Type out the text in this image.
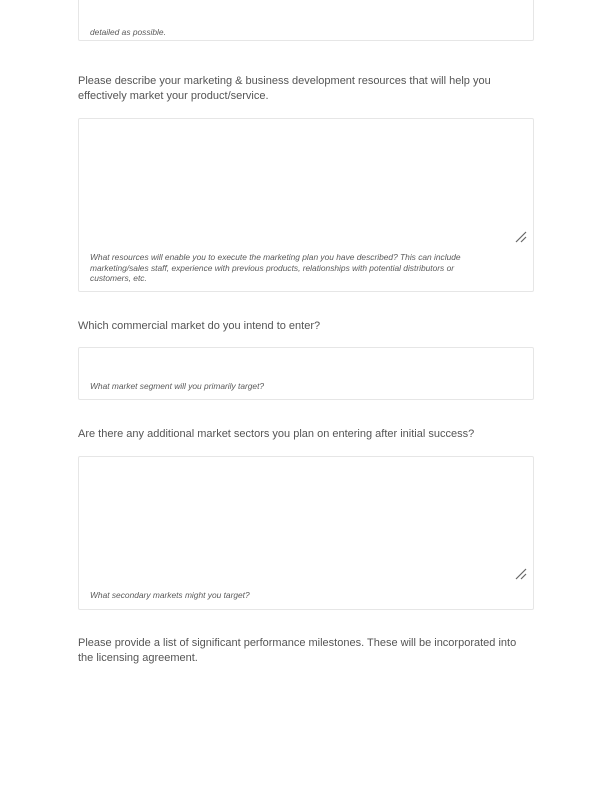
detailed as possible.

Please describe your marketing & business development resources that will help you effectively market your product/service.

What resources will enable you to execute the marketing plan you have described? This can include marketing/sales staff, experience with previous products, relationships with potential distributors or customers, etc.

Which commercial market do you intend to enter?

What market segment will you primarily target?

Are there any additional market sectors you plan on entering after initial success?

What secondary markets might you target?

Please provide a list of significant performance milestones. These will be incorporated into the licensing agreement.
